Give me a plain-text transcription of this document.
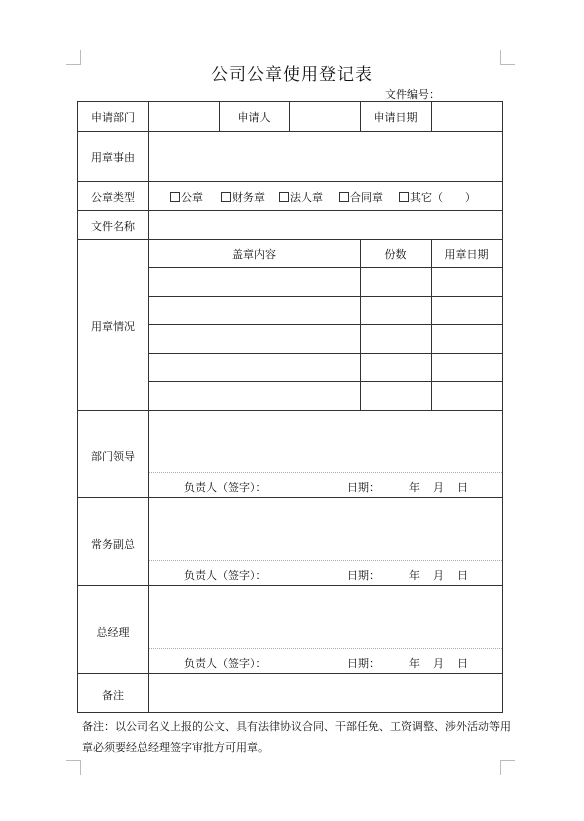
公司公章使用登记表
文件编号：
申请部门	申请人	申请日期
用章事由
公章类型	公章	财务章	法人章	合同章	其它（　　）
文件名称
用章情况
盖章内容	份数	用章日期
部门领导
负责人（签字）：	日期：	年 月 日
常务副总
负责人（签字）：	日期：	年 月 日
总经理
负责人（签字）：	日期：	年 月 日
备注
备注：以公司名义上报的公文、具有法律协议合同、干部任免、工资调整、涉外活动等用章必须要经总经理签字审批方可用章。
